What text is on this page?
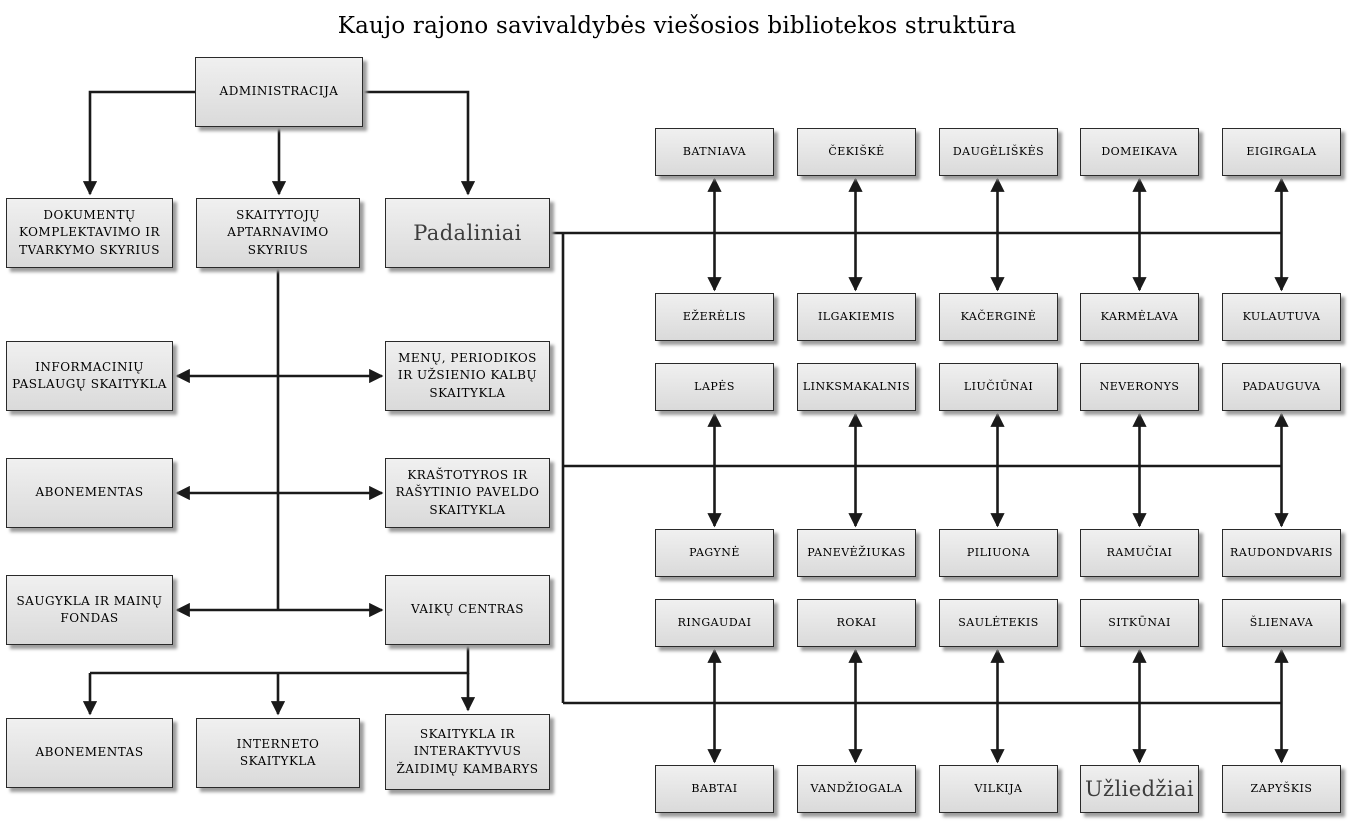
Kaujo rajono savivaldybės viešosios bibliotekos struktūra
ADMINISTRACIJA
DOKUMENTŲ KOMPLEKTAVIMO IR TVARKYMO SKYRIUS
SKAITYTOJŲ APTARNAVIMO SKYRIUS
Padaliniai
INFORMACINIŲ PASLAUGŲ SKAITYKLA
MENŲ, PERIODIKOS IR UŽSIENIO KALBŲ SKAITYKLA
ABONEMENTAS
KRAŠTOTYROS IR RAŠYTINIO PAVELDO SKAITYKLA
SAUGYKLA IR MAINŲ FONDAS
VAIKŲ CENTRAS
ABONEMENTAS
INTERNETO SKAITYKLA
SKAITYKLA IR INTERAKTYVUS ŽAIDIMŲ KAMBARYS
BATNIAVA	ČEKIŠKĖ	DAUGĖLIŠKĖS	DOMEIKAVA	EIGIRGALA
EŽERĖLIS	ILGAKIEMIS	KAČERGINĖ	KARMĖLAVA	KULAUTUVA
LAPĖS	LINKSMAKALNIS	LIUČIŪNAI	NEVERONYS	PADAUGUVA
PAGYNĖ	PANEVĖŽIUKAS	PILIUONA	RAMUČIAI	RAUDONDVARIS
RINGAUDAI	ROKAI	SAULĖTEKIS	SITKŪNAI	ŠLIENAVA
BABTAI	VANDŽIOGALA	VILKIJA	Užliedžiai	ZAPYŠKIS
